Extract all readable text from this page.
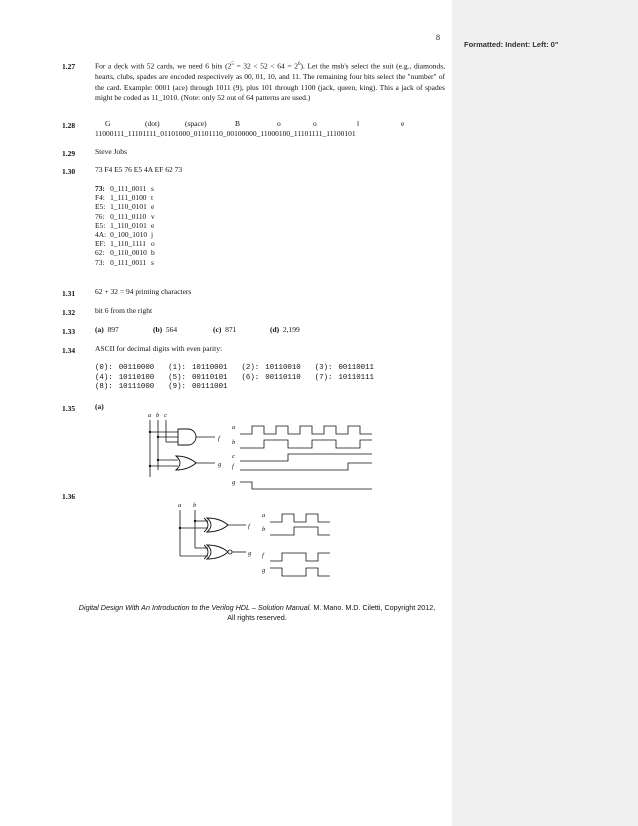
Formatted: Indent: Left: 0"
8
1.27	For a deck with 52 cards, we need 6 bits $(2^5 = 32 < 52 < 64 = 2^6)$. Let the msb's select the suit (e.g., diamonds, hearts, clubs, spades are encoded respectively as 00, 01, 10, and 11. The remaining four bits select the "number" of the card. Example: 0001 (ace) through 1011 (9), plus 101 through 1100 (jack, queen, king). This a jack of spades might be coded as 11_1010. (Note: only 52 out of 64 patterns are used.)
1.28	G	(dot)	(space)	B	o	o	l	e
11000111_11101111_01101000_01101110_00100000_11000100_11101111_11100101
1.29	Steve Jobs
1.30	73 F4 E5 76 E5 4A EF 62 73
73:	0_111_0011	s
F4:	1_111_0100	t
E5:	1_110_0101	e
76:	0_111_0110	v
E5:	1_110_0101	e
4A:	0_100_1010	j
EF:	1_110_1111	o
62:	0_110_0010	b
73:	0_111_0011	s
1.31	62 + 32 = 94 printing characters
1.32	bit 6 from the right
1.33	(a) 897	(b) 564	(c) 871	(d) 2,199
1.34	ASCII for decimal digits with even parity:
(0):	00110000	(1):	10110001	(2):	10110010	(3):	00110011
(4):	10110100	(5):	00110101	(6):	00110110	(7):	10110111
(8):	10111000	(9):	00111001				
1.35	(a)
a b c
f
g
a
b
c
f
g
1.36
a b
f
g
a
b
f
g
Digital Design With An Introduction to the Verilog HDL – Solution Manual. M. Mano. M.D. Ciletti, Copyright 2012,
All rights reserved.
